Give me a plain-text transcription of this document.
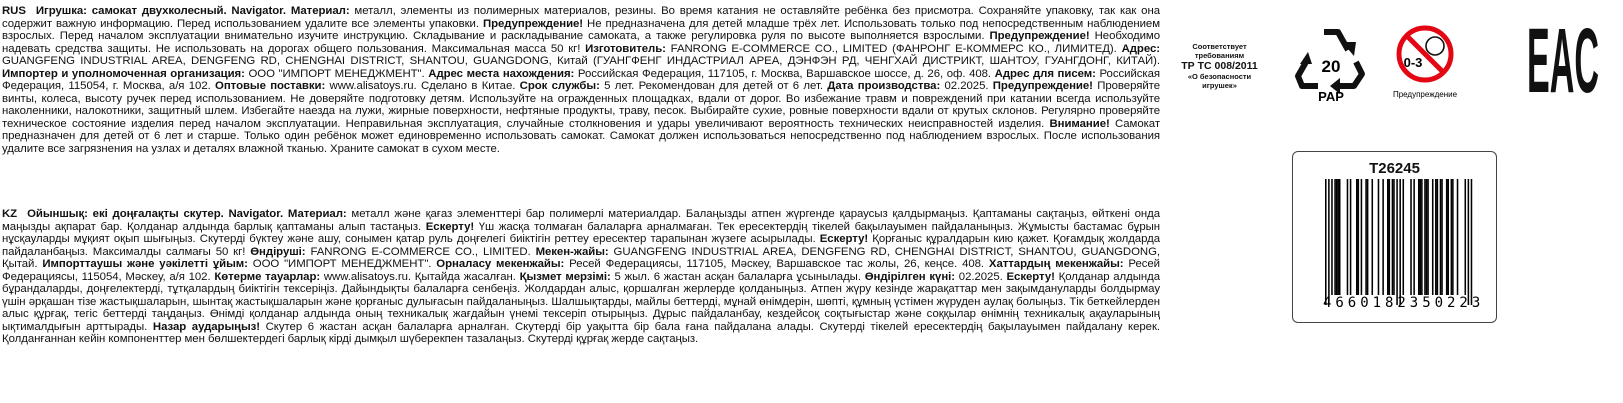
RUS Игрушка: самокат двухколесный. Navigator. Материал: металл, элементы из полимерных материалов, резины. Во время катания не оставляйте ребёнка без присмотра. Сохраняйте упаковку, так как она содержит важную информацию. Перед использованием удалите все элементы упаковки. Предупреждение! Не предназначена для детей младше трёх лет. Использовать только под непосредственным наблюдением взрослых. Перед началом эксплуатации внимательно изучите инструкцию. Складывание и раскладывание самоката, а также регулировка руля по высоте выполняется взрослыми. Предупреждение! Необходимо надевать средства защиты. Не использовать на дорогах общего пользования. Максимальная масса 50 кг! Изготовитель: FANRONG E-COMMERCE CO., LIMITED (ФАНРОНГ Е-КОММЕРС КО., ЛИМИТЕД). Адрес: GUANGFENG INDUSTRIAL AREA, DENGFENG RD, CHENGHAI DISTRICT, SHANTOU, GUANGDONG, Китай (ГУАНГФЕНГ ИНДАСТРИАЛ АРЕА, ДЭНФЭН РД, ЧЕНГХАЙ ДИСТРИКТ, ШАНТОУ, ГУАНГДОНГ, КИТАЙ). Импортер и уполномоченная организация: ООО "ИМПОРТ МЕНЕДЖМЕНТ". Адрес места нахождения: Российская Федерация, 117105, г. Москва, Варшавское шоссе, д. 26, оф. 408. Адрес для писем: Российская Федерация, 115054, г. Москва, а/я 102. Оптовые поставки: www.alisatoys.ru. Сделано в Китае. Срок службы: 5 лет. Рекомендован для детей от 6 лет. Дата производства: 02.2025. Предупреждение! Проверяйте винты, колеса, высоту ручек перед использованием. Не доверяйте подготовку детям. Используйте на огражденных площадках, вдали от дорог. Во избежание травм и повреждений при катании всегда используйте наколенники, налокотники, защитный шлем. Избегайте наезда на лужи, жирные поверхности, нефтяные продукты, траву, песок. Выбирайте сухие, ровные поверхности вдали от крутых склонов. Регулярно проверяйте техническое состояние изделия перед началом эксплуатации. Неправильная эксплуатация, случайные столкновения и удары увеличивают вероятность технических неисправностей изделия. Внимание! Самокат предназначен для детей от 6 лет и старше. Только один ребёнок может единовременно использовать самокат. Самокат должен использоваться непосредственно под наблюдением взрослых. После использования удалите все загрязнения на узлах и деталях влажной тканью. Храните самокат в сухом месте.
KZ Ойыншық: екі доңғалақты скутер. Navigator. Материал: металл және қағаз элементтері бар полимерлі материалдар. Балаңызды атпен жүргенде қараусыз қалдырмаңыз. Қаптаманы сақтаңыз, өйткені онда маңызды ақпарат бар. Қолданар алдында барлық қаптаманы алып тастаңыз. Ескерту! Үш жасқа толмаған балаларға арналмаған. Тек ересектердің тікелей бақылауымен пайдаланыңыз. Жұмысты бастамас бұрын нұсқауларды мұқият оқып шығыңыз. Скутерді бүктеу және ашу, сонымен қатар руль доңғелегі биіктігін реттеу ересектер тарапынан жүзеге асырылады. Ескерту! Қорғаныс құралдарын кию қажет. Қоғамдық жолдарда пайдаланбаңыз. Максималды салмағы 50 кг! Өндіруші: FANRONG E-COMMERCE CO., LIMITED. Мекен-жайы: GUANGFENG INDUSTRIAL AREA, DENGFENG RD, CHENGHAI DISTRICT, SHANTOU, GUANGDONG, Қытай. Импорттаушы және уәкілетті ұйым: ООО "ИМПОРТ МЕНЕДЖМЕНТ". Орналасу мекенжайы: Ресей Федерациясы, 117105, Мәскеу, Варшавское тас жолы, 26, кеңсе. 408. Хаттардың мекенжайы: Ресей Федерациясы, 115054, Мәскеу, а/я 102. Көтерме тауарлар: www.alisatoys.ru. Қытайда жасалған. Қызмет мерзімі: 5 жыл. 6 жастан асқан балаларға ұсынылады. Өндірілген күні: 02.2025. Ескерту! Қолданар алдында бұрандаларды, доңғелектерді, тұтқалардың биіктігін тексеріңіз. Дайындықты балаларға сенбеңіз. Жолдардан алыс, қоршалған жерлерде қолданыңыз. Атпен жүру кезінде жарақаттар мен зақымдануларды болдырмау үшін әрқашан тізе жастықшаларын, шынтақ жастықшаларын және қорғаныс дулығасын пайдаланыңыз. Шалшықтарды, майлы беттерді, мұнай өнімдерін, шөпті, құмның үстімен жүруден аулақ болыңыз. Тік беткейлерден алыс құрғақ, тегіс беттерді таңдаңыз. Өнімді қолданар алдында оның техникалық жағдайын үнемі тексеріп отырыңыз. Дұрыс пайдаланбау, кездейсоқ соқтығыстар және соққылар өнімнің техникалық ақауларының ықтималдығын арттырады. Назар аударыңыз! Скутер 6 жастан асқан балаларға арналған. Скутерді бір уақытта бір бала ғана пайдалана алады. Скутерді тікелей ересектердің бақылауымен пайдалану керек. Қолданғаннан кейін компоненттер мен бөлшектердегі барлық кірді дымқыл шүберекпен тазалаңыз. Скутерді құрғақ жерде сақтаңыз.
Соответствует требованиям
ТР ТС 008/2011
«О безопасности игрушек»
20
PAP
0-3
Предупреждение EAC
T26245
4660182350223
